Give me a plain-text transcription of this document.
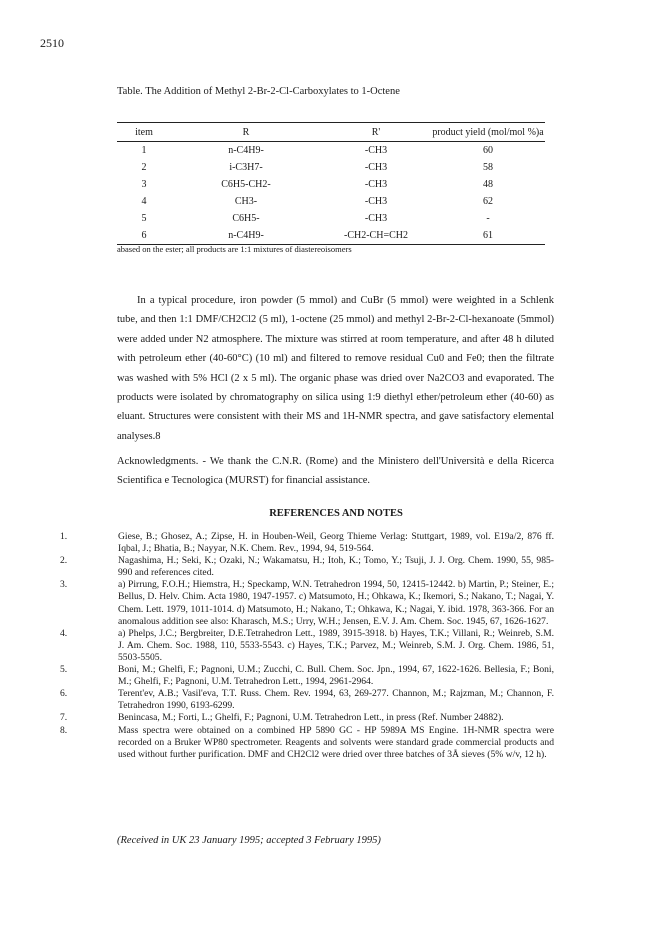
2510
Table. The Addition of Methyl 2-Br-2-Cl-Carboxylates to 1-Octene
item	R	R'	product yield (mol/mol %)a
1	n-C4H9-	-CH3	60
2	i-C3H7-	-CH3	58
3	C6H5-CH2-	-CH3	48
4	CH3-	-CH3	62
5	C6H5-	-CH3	-
6	n-C4H9-	-CH2-CH=CH2	61
abased on the ester; all products are 1:1 mixtures of diastereoisomers

In a typical procedure, iron powder (5 mmol) and CuBr (5 mmol) were weighted in a Schlenk tube, and then 1:1 DMF/CH2Cl2 (5 ml), 1-octene (25 mmol) and methyl 2-Br-2-Cl-hexanoate (5mmol) were added under N2 atmosphere. The mixture was stirred at room temperature, and after 48 h diluted with petroleum ether (40-60°C) (10 ml) and filtered to remove residual Cu0 and Fe0; then the filtrate was washed with 5% HCl (2 x 5 ml). The organic phase was dried over Na2CO3 and evaporated. The products were isolated by chromatography on silica using 1:9 diethyl ether/petroleum ether (40-60) as eluant. Structures were consistent with their MS and 1H-NMR spectra, and gave satisfactory elemental analyses.8

Acknowledgments. - We thank the C.N.R. (Rome) and the Ministero dell'Università e della Ricerca Scientifica e Tecnologica (MURST) for financial assistance.

REFERENCES AND NOTES
1.	Giese, B.; Ghosez, A.; Zipse, H. in Houben-Weil, Georg Thieme Verlag: Stuttgart, 1989, vol. E19a/2, 876 ff. Iqbal, J.; Bhatia, B.; Nayyar, N.K. Chem. Rev., 1994, 94, 519-564.
2.	Nagashima, H.; Seki, K.; Ozaki, N.; Wakamatsu, H.; Itoh, K.; Tomo, Y.; Tsuji, J. J. Org. Chem. 1990, 55, 985-990 and references cited.
3.	a) Pirrung, F.O.H.; Hiemstra, H.; Speckamp, W.N. Tetrahedron 1994, 50, 12415-12442. b) Martin, P.; Steiner, E.; Bellus, D. Helv. Chim. Acta 1980, 1947-1957. c) Matsumoto, H.; Ohkawa, K.; Ikemori, S.; Nakano, T.; Nagai, Y. Chem. Lett. 1979, 1011-1014. d) Matsumoto, H.; Nakano, T.; Ohkawa, K.; Nagai, Y. ibid. 1978, 363-366. For an anomalous addition see also: Kharasch, M.S.; Urry, W.H.; Jensen, E.V. J. Am. Chem. Soc. 1945, 67, 1626-1627.
4.	a) Phelps, J.C.; Bergbreiter, D.E.Tetrahedron Lett., 1989, 3915-3918. b) Hayes, T.K.; Villani, R.; Weinreb, S.M. J. Am. Chem. Soc. 1988, 110, 5533-5543. c) Hayes, T.K.; Parvez, M.; Weinreb, S.M. J. Org. Chem. 1986, 51, 5503-5505.
5.	Boni, M.; Ghelfi, F.; Pagnoni, U.M.; Zucchi, C. Bull. Chem. Soc. Jpn., 1994, 67, 1622-1626. Bellesia, F.; Boni, M.; Ghelfi, F.; Pagnoni, U.M. Tetrahedron Lett., 1994, 2961-2964.
6.	Terent'ev, A.B.; Vasil'eva, T.T. Russ. Chem. Rev. 1994, 63, 269-277. Channon, M.; Rajzman, M.; Channon, F. Tetrahedron 1990, 6193-6299.
7.	Benincasa, M.; Forti, L.; Ghelfi, F.; Pagnoni, U.M. Tetrahedron Lett., in press (Ref. Number 24882).
8.	Mass spectra were obtained on a combined HP 5890 GC - HP 5989A MS Engine. 1H-NMR spectra were recorded on a Bruker WP80 spectrometer. Reagents and solvents were standard grade commercial products and used without further purification. DMF and CH2Cl2 were dried over three batches of 3Å sieves (5% w/v, 12 h).
(Received in UK 23 January 1995; accepted 3 February 1995)
